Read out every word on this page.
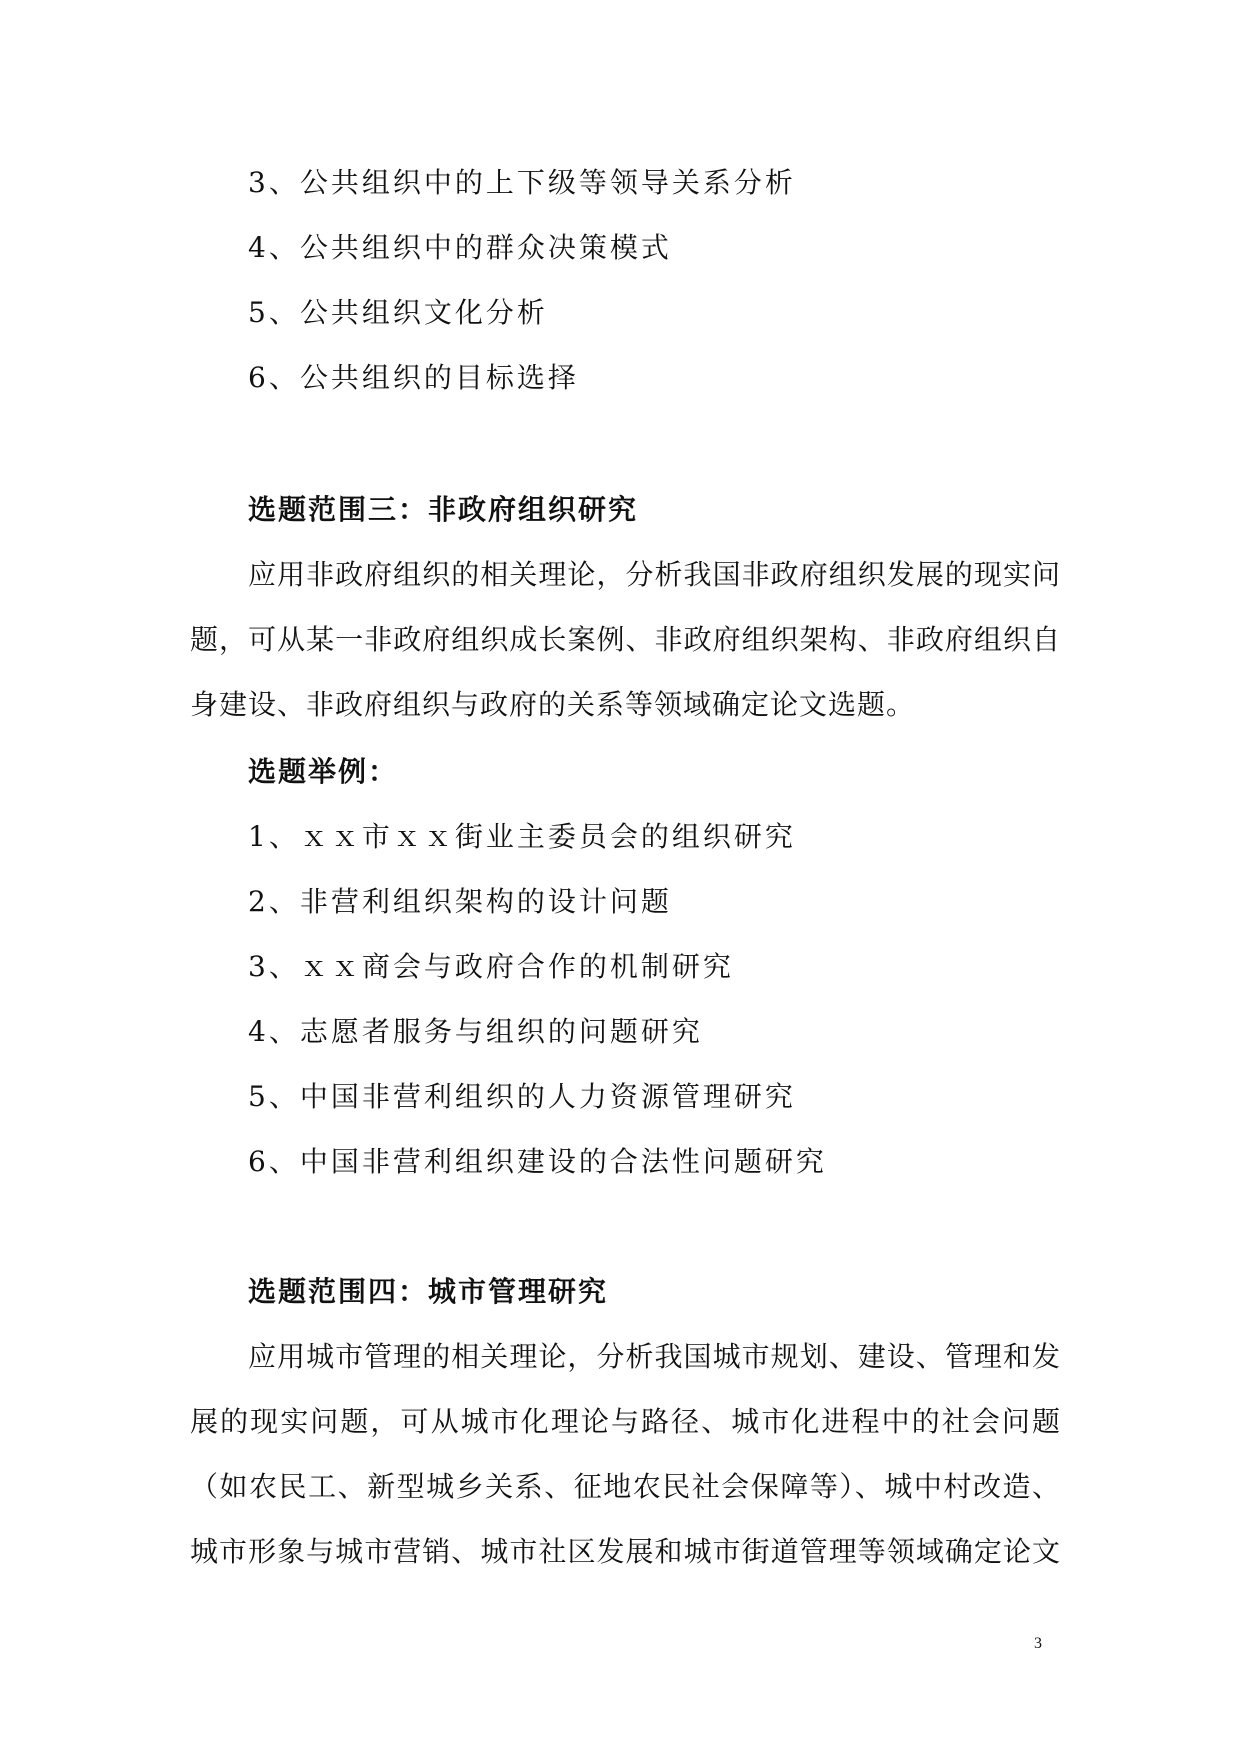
3、公共组织中的上下级等领导关系分析
4、公共组织中的群众决策模式
5、公共组织文化分析
6、公共组织的目标选择
选题范围三：非政府组织研究
应用非政府组织的相关理论，分析我国非政府组织发展的现实问
题，可从某一非政府组织成长案例、非政府组织架构、非政府组织自
身建设、非政府组织与政府的关系等领域确定论文选题。
选题举例：
1、ｘｘ市ｘｘ街业主委员会的组织研究
2、非营利组织架构的设计问题
3、ｘｘ商会与政府合作的机制研究
4、志愿者服务与组织的问题研究
5、中国非营利组织的人力资源管理研究
6、中国非营利组织建设的合法性问题研究
选题范围四：城市管理研究
应用城市管理的相关理论，分析我国城市规划、建设、管理和发
展的现实问题，可从城市化理论与路径、城市化进程中的社会问题
（如农民工、新型城乡关系、征地农民社会保障等）、城中村改造、
城市形象与城市营销、城市社区发展和城市街道管理等领域确定论文
3
